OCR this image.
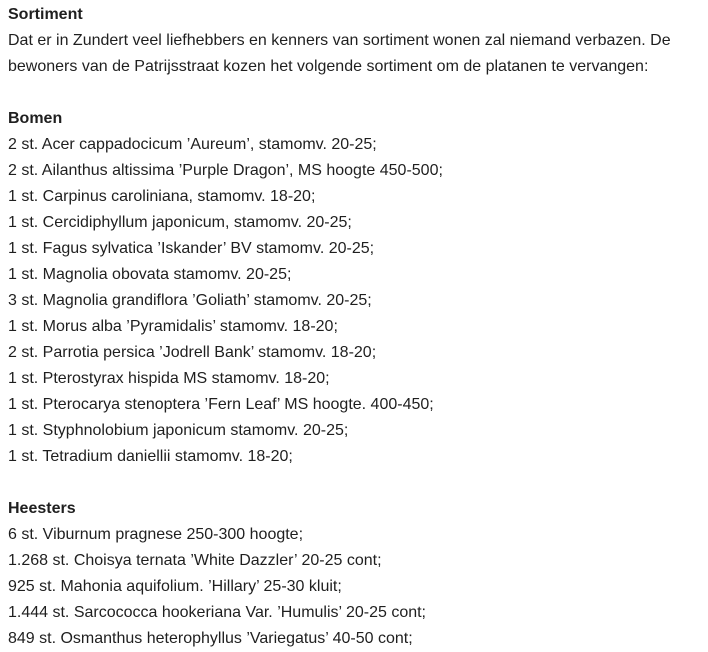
Sortiment
Dat er in Zundert veel liefhebbers en kenners van sortiment wonen zal niemand verbazen. De
bewoners van de Patrijsstraat kozen het volgende sortiment om de platanen te vervangen:
Bomen
2 st. Acer cappadocicum ’Aureum’, stamomv. 20-25;
2 st. Ailanthus altissima ’Purple Dragon’, MS hoogte 450-500;
1 st. Carpinus caroliniana, stamomv. 18-20;
1 st. Cercidiphyllum japonicum, stamomv. 20-25;
1 st. Fagus sylvatica ’Iskander’ BV stamomv. 20-25;
1 st. Magnolia obovata stamomv. 20-25;
3 st. Magnolia grandiflora ’Goliath’ stamomv. 20-25;
1 st. Morus alba ’Pyramidalis’ stamomv. 18-20;
2 st. Parrotia persica ’Jodrell Bank’ stamomv. 18-20;
1 st. Pterostyrax hispida MS stamomv. 18-20;
1 st. Pterocarya stenoptera ’Fern Leaf’ MS hoogte. 400-450;
1 st. Styphnolobium japonicum stamomv. 20-25;
1 st. Tetradium daniellii stamomv. 18-20;
Heesters
6 st. Viburnum pragnese 250-300 hoogte;
1.268 st. Choisya ternata ’White Dazzler’ 20-25 cont;
925 st. Mahonia aquifolium. ’Hillary’ 25-30 kluit;
1.444 st. Sarcococca hookeriana Var. ’Humulis’ 20-25 cont;
849 st. Osmanthus heterophyllus ’Variegatus’ 40-50 cont;
